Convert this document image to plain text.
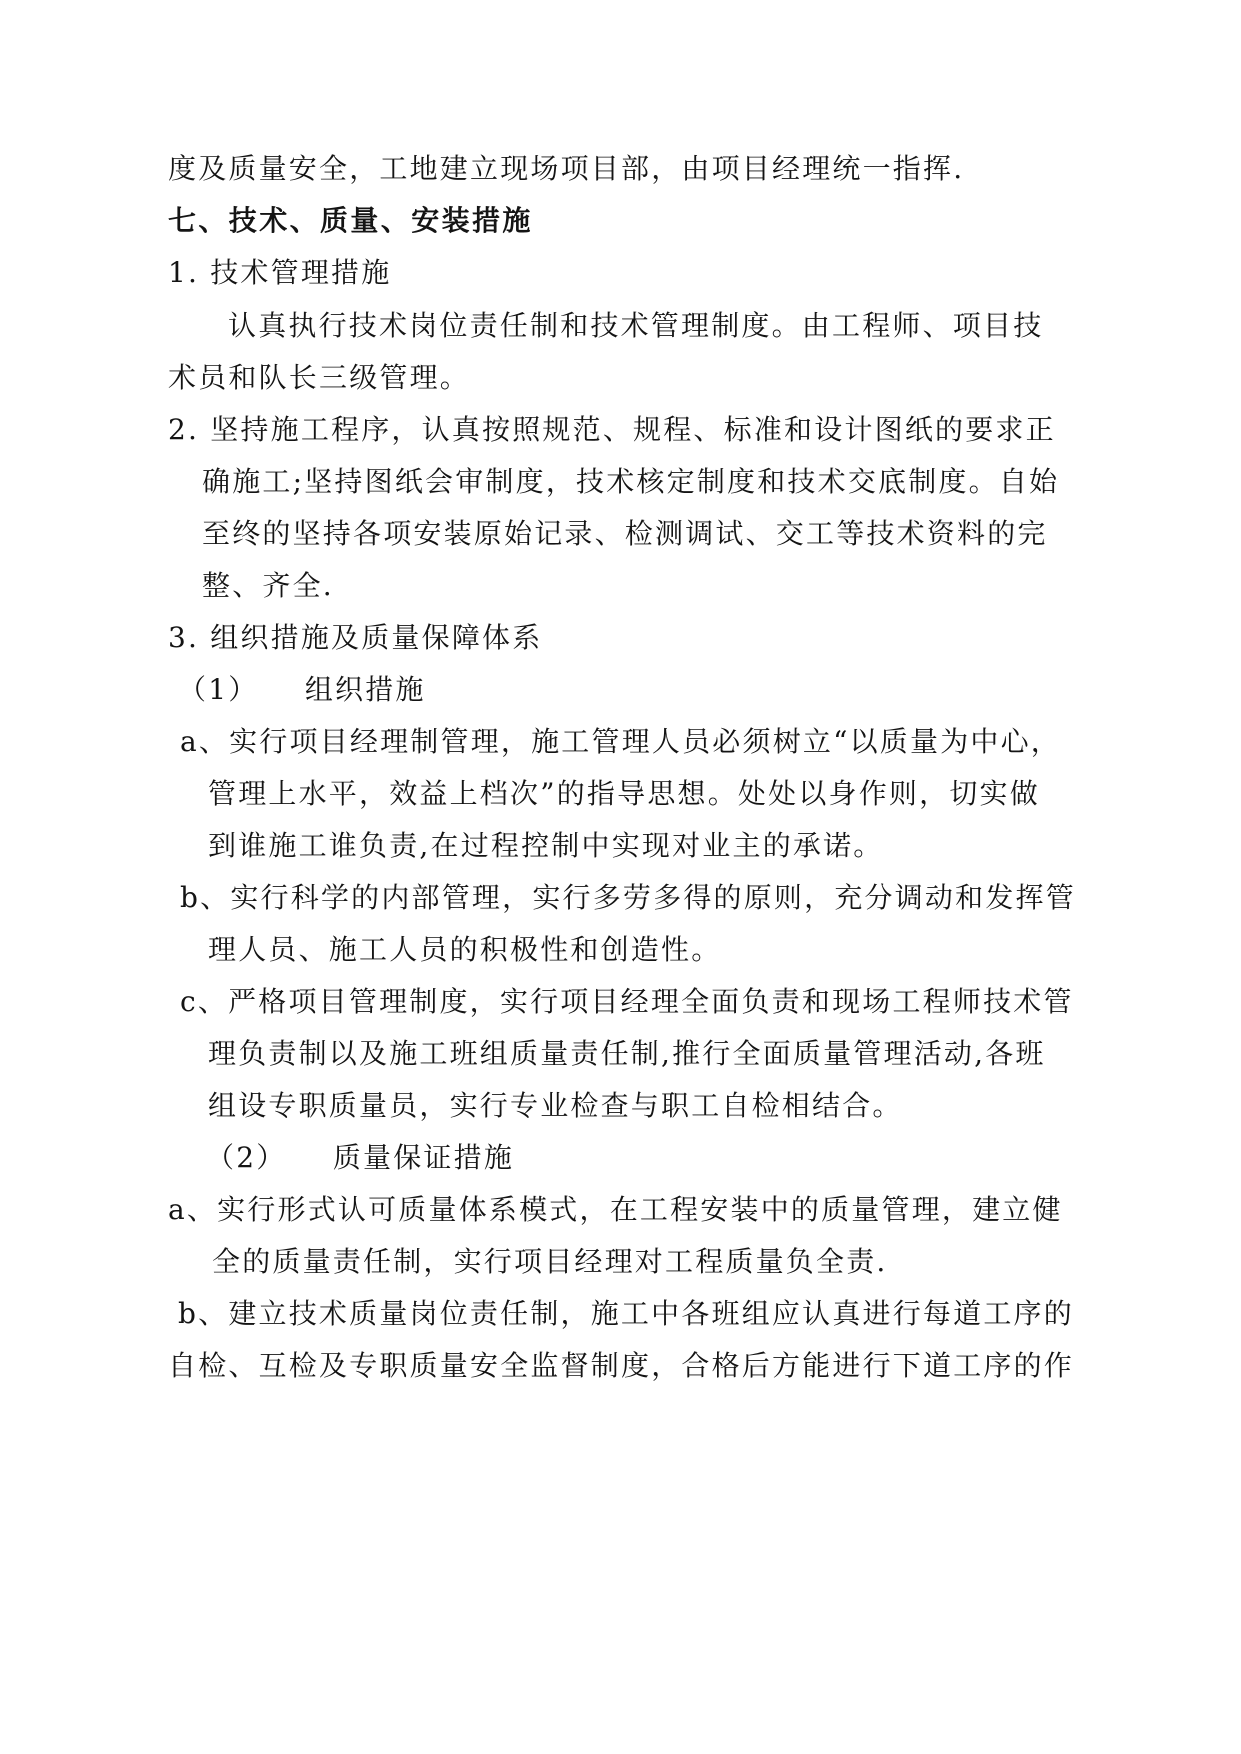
度及质量安全，工地建立现场项目部，由项目经理统一指挥.
七、技术、质量、安装措施
1. 技术管理措施
认真执行技术岗位责任制和技术管理制度。由工程师、项目技
术员和队长三级管理。
2. 坚持施工程序，认真按照规范、规程、标准和设计图纸的要求正
确施工;坚持图纸会审制度，技术核定制度和技术交底制度。自始
至终的坚持各项安装原始记录、检测调试、交工等技术资料的完
整、齐全.
3. 组织措施及质量保障体系
（1）　　组织措施
a、实行项目经理制管理，施工管理人员必须树立“以质量为中心，
管理上水平，效益上档次”的指导思想。处处以身作则，切实做
到谁施工谁负责,在过程控制中实现对业主的承诺。
b、实行科学的内部管理，实行多劳多得的原则，充分调动和发挥管
理人员、施工人员的积极性和创造性。
c、严格项目管理制度，实行项目经理全面负责和现场工程师技术管
理负责制以及施工班组质量责任制,推行全面质量管理活动,各班
组设专职质量员，实行专业检查与职工自检相结合。
（2）　　质量保证措施
a、实行形式认可质量体系模式，在工程安装中的质量管理，建立健
全的质量责任制，实行项目经理对工程质量负全责.
b、建立技术质量岗位责任制，施工中各班组应认真进行每道工序的
自检、互检及专职质量安全监督制度，合格后方能进行下道工序的作
